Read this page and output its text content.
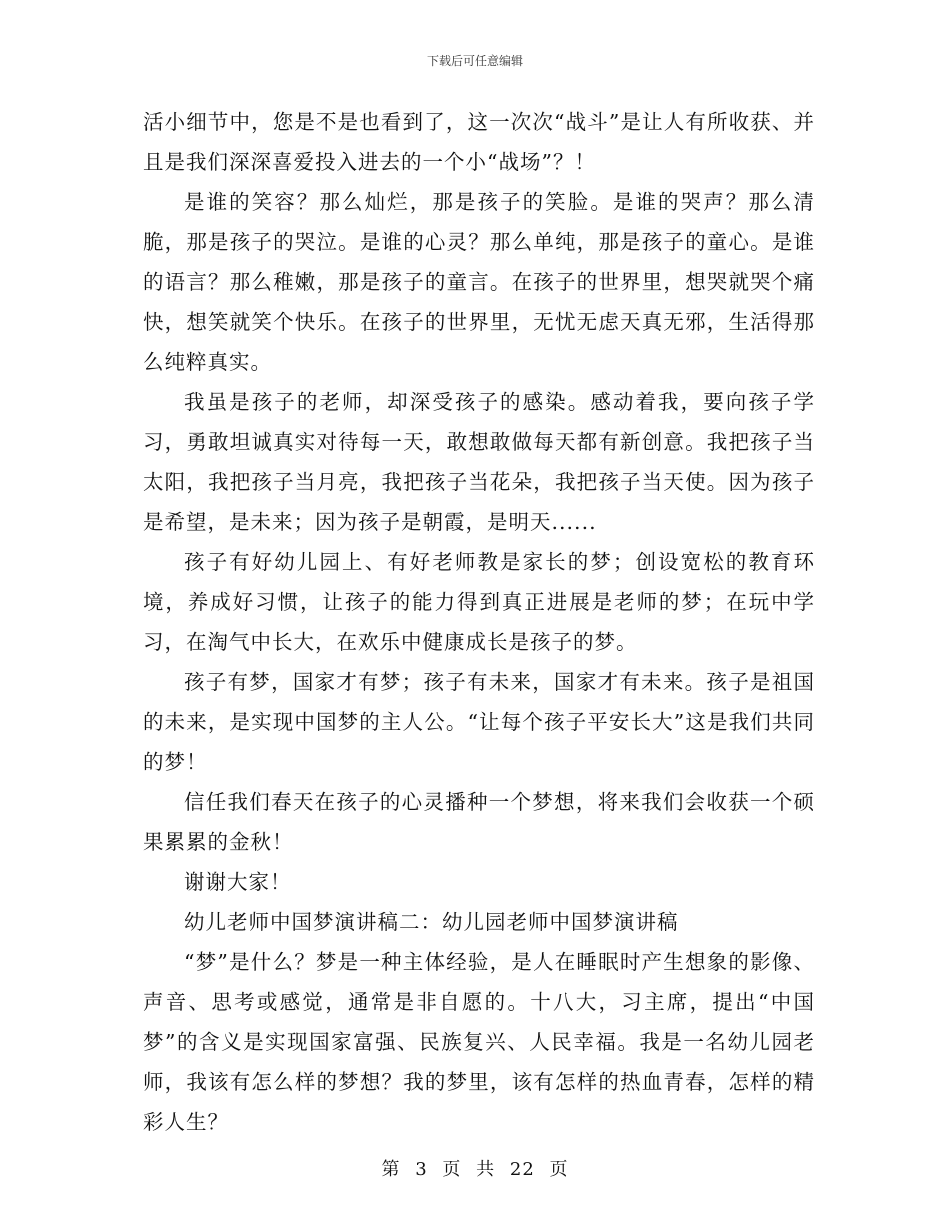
下载后可任意编辑

活小细节中，您是不是也看到了，这一次次“战斗”是让人有所收获、并且是我们深深喜爱投入进去的一个小“战场”？！

是谁的笑容？那么灿烂，那是孩子的笑脸。是谁的哭声？那么清脆，那是孩子的哭泣。是谁的心灵？那么单纯，那是孩子的童心。是谁的语言？那么稚嫩，那是孩子的童言。在孩子的世界里，想哭就哭个痛快，想笑就笑个快乐。在孩子的世界里，无忧无虑天真无邪，生活得那么纯粹真实。

我虽是孩子的老师，却深受孩子的感染。感动着我，要向孩子学习，勇敢坦诚真实对待每一天，敢想敢做每天都有新创意。我把孩子当太阳，我把孩子当月亮，我把孩子当花朵，我把孩子当天使。因为孩子是希望，是未来；因为孩子是朝霞，是明天......

孩子有好幼儿园上、有好老师教是家长的梦；创设宽松的教育环境，养成好习惯，让孩子的能力得到真正进展是老师的梦；在玩中学习，在淘气中长大，在欢乐中健康成长是孩子的梦。

孩子有梦，国家才有梦；孩子有未来，国家才有未来。孩子是祖国的未来，是实现中国梦的主人公。“让每个孩子平安长大”这是我们共同的梦！

信任我们春天在孩子的心灵播种一个梦想，将来我们会收获一个硕果累累的金秋！

谢谢大家！

幼儿老师中国梦演讲稿二：幼儿园老师中国梦演讲稿

“梦”是什么？梦是一种主体经验，是人在睡眠时产生想象的影像、声音、思考或感觉，通常是非自愿的。十八大，习主席，提出“中国梦”的含义是实现国家富强、民族复兴、人民幸福。我是一名幼儿园老师，我该有怎么样的梦想？我的梦里，该有怎样的热血青春，怎样的精彩人生？

第 3 页 共 22 页
